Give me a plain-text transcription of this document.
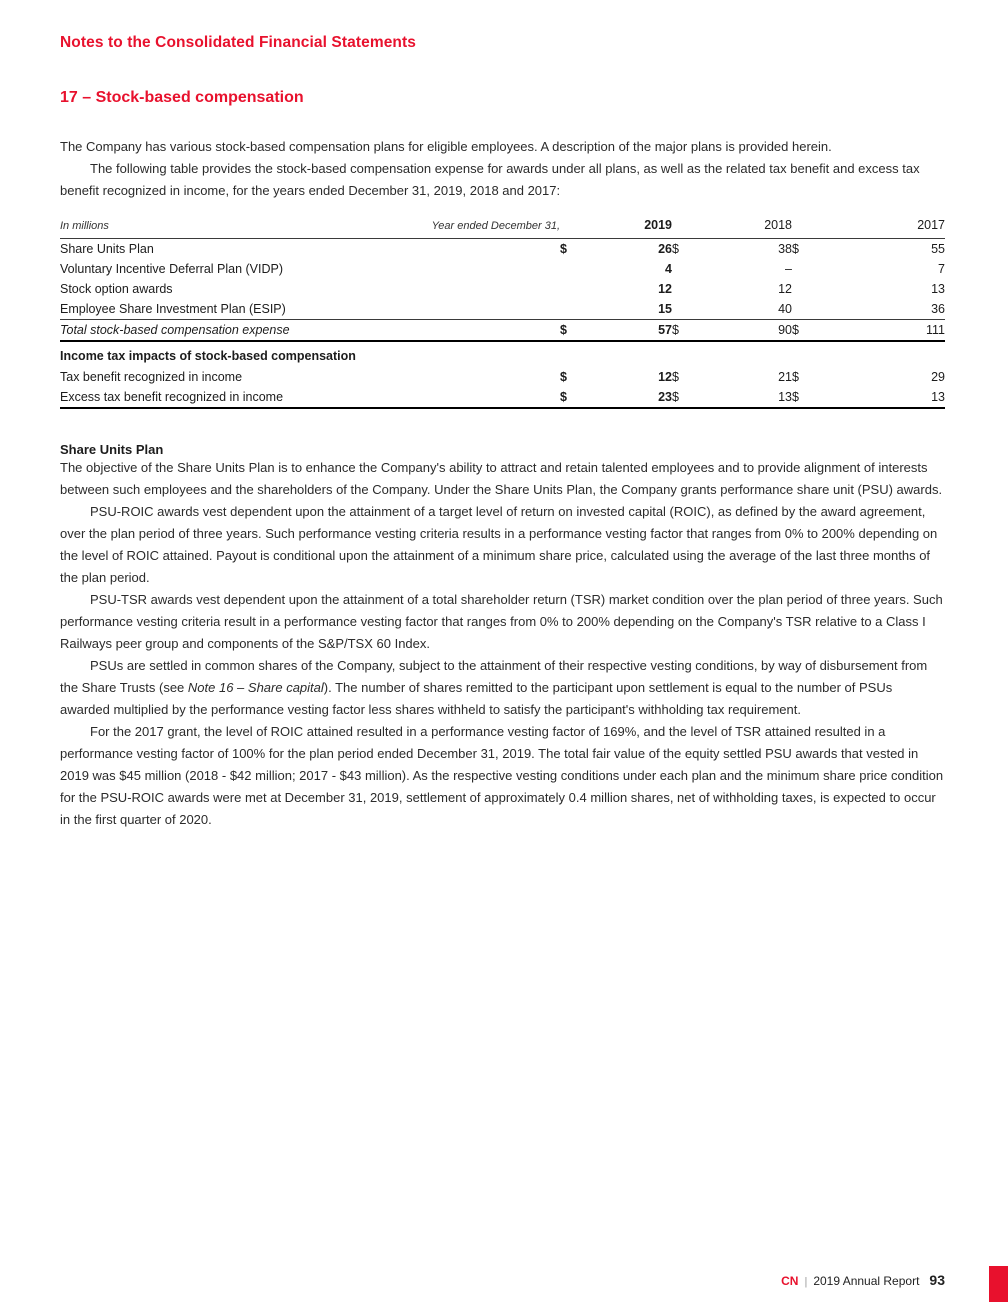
Notes to the Consolidated Financial Statements
17 – Stock-based compensation

The Company has various stock-based compensation plans for eligible employees. A description of the major plans is provided herein.

The following table provides the stock-based compensation expense for awards under all plans, as well as the related tax benefit and excess tax benefit recognized in income, for the years ended December 31, 2019, 2018 and 2017:

In millions	Year ended December 31,	2019		2018		2017	
Share Units Plan		$	26	$	38	$	55
Voluntary Incentive Deferral Plan (VIDP)			4		–		7
Stock option awards			12		12		13
Employee Share Investment Plan (ESIP)			15		40		36
Total stock-based compensation expense		$	57	$	90	$	111
Income tax impacts of stock-based compensation							
Tax benefit recognized in income		$	12	$	21	$	29
Excess tax benefit recognized in income		$	23	$	13	$	13
Share Units Plan

The objective of the Share Units Plan is to enhance the Company's ability to attract and retain talented employees and to provide alignment of interests between such employees and the shareholders of the Company. Under the Share Units Plan, the Company grants performance share unit (PSU) awards.

PSU-ROIC awards vest dependent upon the attainment of a target level of return on invested capital (ROIC), as defined by the award agreement, over the plan period of three years. Such performance vesting criteria results in a performance vesting factor that ranges from 0% to 200% depending on the level of ROIC attained. Payout is conditional upon the attainment of a minimum share price, calculated using the average of the last three months of the plan period.

PSU-TSR awards vest dependent upon the attainment of a total shareholder return (TSR) market condition over the plan period of three years. Such performance vesting criteria result in a performance vesting factor that ranges from 0% to 200% depending on the Company's TSR relative to a Class I Railways peer group and components of the S&P/TSX 60 Index.

PSUs are settled in common shares of the Company, subject to the attainment of their respective vesting conditions, by way of disbursement from the Share Trusts (see Note 16 – Share capital). The number of shares remitted to the participant upon settlement is equal to the number of PSUs awarded multiplied by the performance vesting factor less shares withheld to satisfy the participant's withholding tax requirement.

For the 2017 grant, the level of ROIC attained resulted in a performance vesting factor of 169%, and the level of TSR attained resulted in a performance vesting factor of 100% for the plan period ended December 31, 2019. The total fair value of the equity settled PSU awards that vested in 2019 was $45 million (2018 - $42 million; 2017 - $43 million). As the respective vesting conditions under each plan and the minimum share price condition for the PSU-ROIC awards were met at December 31, 2019, settlement of approximately 0.4 million shares, net of withholding taxes, is expected to occur in the first quarter of 2020.

CN | 2019 Annual Report 93
